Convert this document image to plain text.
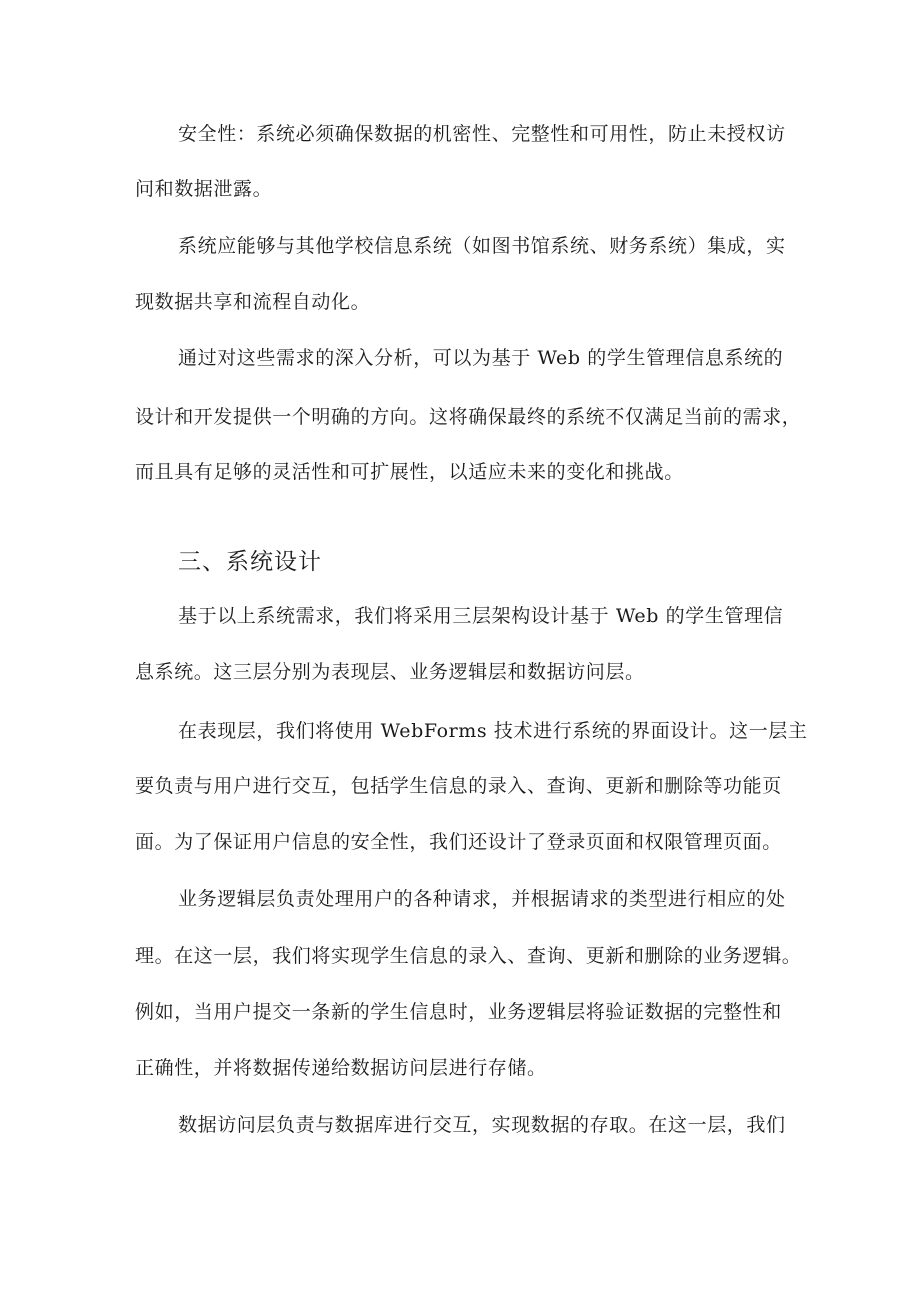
安全性：系统必须确保数据的机密性、完整性和可用性，防止未授权访
问和数据泄露。
系统应能够与其他学校信息系统（如图书馆系统、财务系统）集成，实
现数据共享和流程自动化。
通过对这些需求的深入分析，可以为基于 Web 的学生管理信息系统的
设计和开发提供一个明确的方向。这将确保最终的系统不仅满足当前的需求，
而且具有足够的灵活性和可扩展性，以适应未来的变化和挑战。
三、系统设计
基于以上系统需求，我们将采用三层架构设计基于 Web 的学生管理信
息系统。这三层分别为表现层、业务逻辑层和数据访问层。
在表现层，我们将使用 WebForms 技术进行系统的界面设计。这一层主
要负责与用户进行交互，包括学生信息的录入、查询、更新和删除等功能页
面。为了保证用户信息的安全性，我们还设计了登录页面和权限管理页面。
业务逻辑层负责处理用户的各种请求，并根据请求的类型进行相应的处
理。在这一层，我们将实现学生信息的录入、查询、更新和删除的业务逻辑。
例如，当用户提交一条新的学生信息时，业务逻辑层将验证数据的完整性和
正确性，并将数据传递给数据访问层进行存储。
数据访问层负责与数据库进行交互，实现数据的存取。在这一层，我们
